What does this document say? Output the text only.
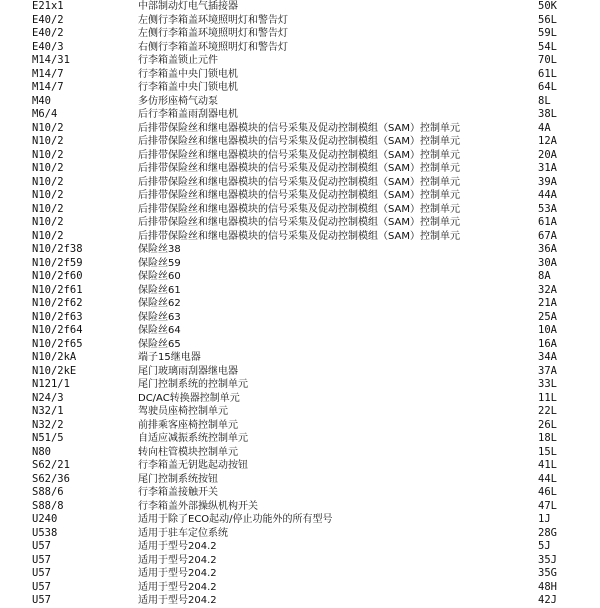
E21x1	中部制动灯电气插接器	50K
E40/2	左侧行李箱盖环境照明灯和警告灯	56L
E40/2	左侧行李箱盖环境照明灯和警告灯	59L
E40/3	右侧行李箱盖环境照明灯和警告灯	54L
M14/31	行李箱盖锁止元件	70L
M14/7	行李箱盖中央门锁电机	61L
M14/7	行李箱盖中央门锁电机	64L
M40	多仿形座椅气动泵	8L
M6/4	后行李箱盖雨刮器电机	38L
N10/2	后排带保险丝和继电器模块的信号采集及促动控制模组（SAM）控制单元	4A
N10/2	后排带保险丝和继电器模块的信号采集及促动控制模组（SAM）控制单元	12A
N10/2	后排带保险丝和继电器模块的信号采集及促动控制模组（SAM）控制单元	20A
N10/2	后排带保险丝和继电器模块的信号采集及促动控制模组（SAM）控制单元	31A
N10/2	后排带保险丝和继电器模块的信号采集及促动控制模组（SAM）控制单元	39A
N10/2	后排带保险丝和继电器模块的信号采集及促动控制模组（SAM）控制单元	44A
N10/2	后排带保险丝和继电器模块的信号采集及促动控制模组（SAM）控制单元	53A
N10/2	后排带保险丝和继电器模块的信号采集及促动控制模组（SAM）控制单元	61A
N10/2	后排带保险丝和继电器模块的信号采集及促动控制模组（SAM）控制单元	67A
N10/2f38	保险丝38	36A
N10/2f59	保险丝59	30A
N10/2f60	保险丝60	8A
N10/2f61	保险丝61	32A
N10/2f62	保险丝62	21A
N10/2f63	保险丝63	25A
N10/2f64	保险丝64	10A
N10/2f65	保险丝65	16A
N10/2kA	端子15继电器	34A
N10/2kE	尾门玻璃雨刮器继电器	37A
N121/1	尾门控制系统的控制单元	33L
N24/3	DC/AC转换器控制单元	11L
N32/1	驾驶员座椅控制单元	22L
N32/2	前排乘客座椅控制单元	26L
N51/5	自适应减振系统控制单元	18L
N80	转向柱管模块控制单元	15L
S62/21	行李箱盖无钥匙起动按钮	41L
S62/36	尾门控制系统按钮	44L
S88/6	行李箱盖接触开关	46L
S88/8	行李箱盖外部操纵机构开关	47L
U240	适用于除了ECO起动/停止功能外的所有型号	1J
U538	适用于驻车定位系统	28G
U57	适用于型号204.2	5J
U57	适用于型号204.2	35J
U57	适用于型号204.2	35G
U57	适用于型号204.2	48H
U57	适用于型号204.2	42J
